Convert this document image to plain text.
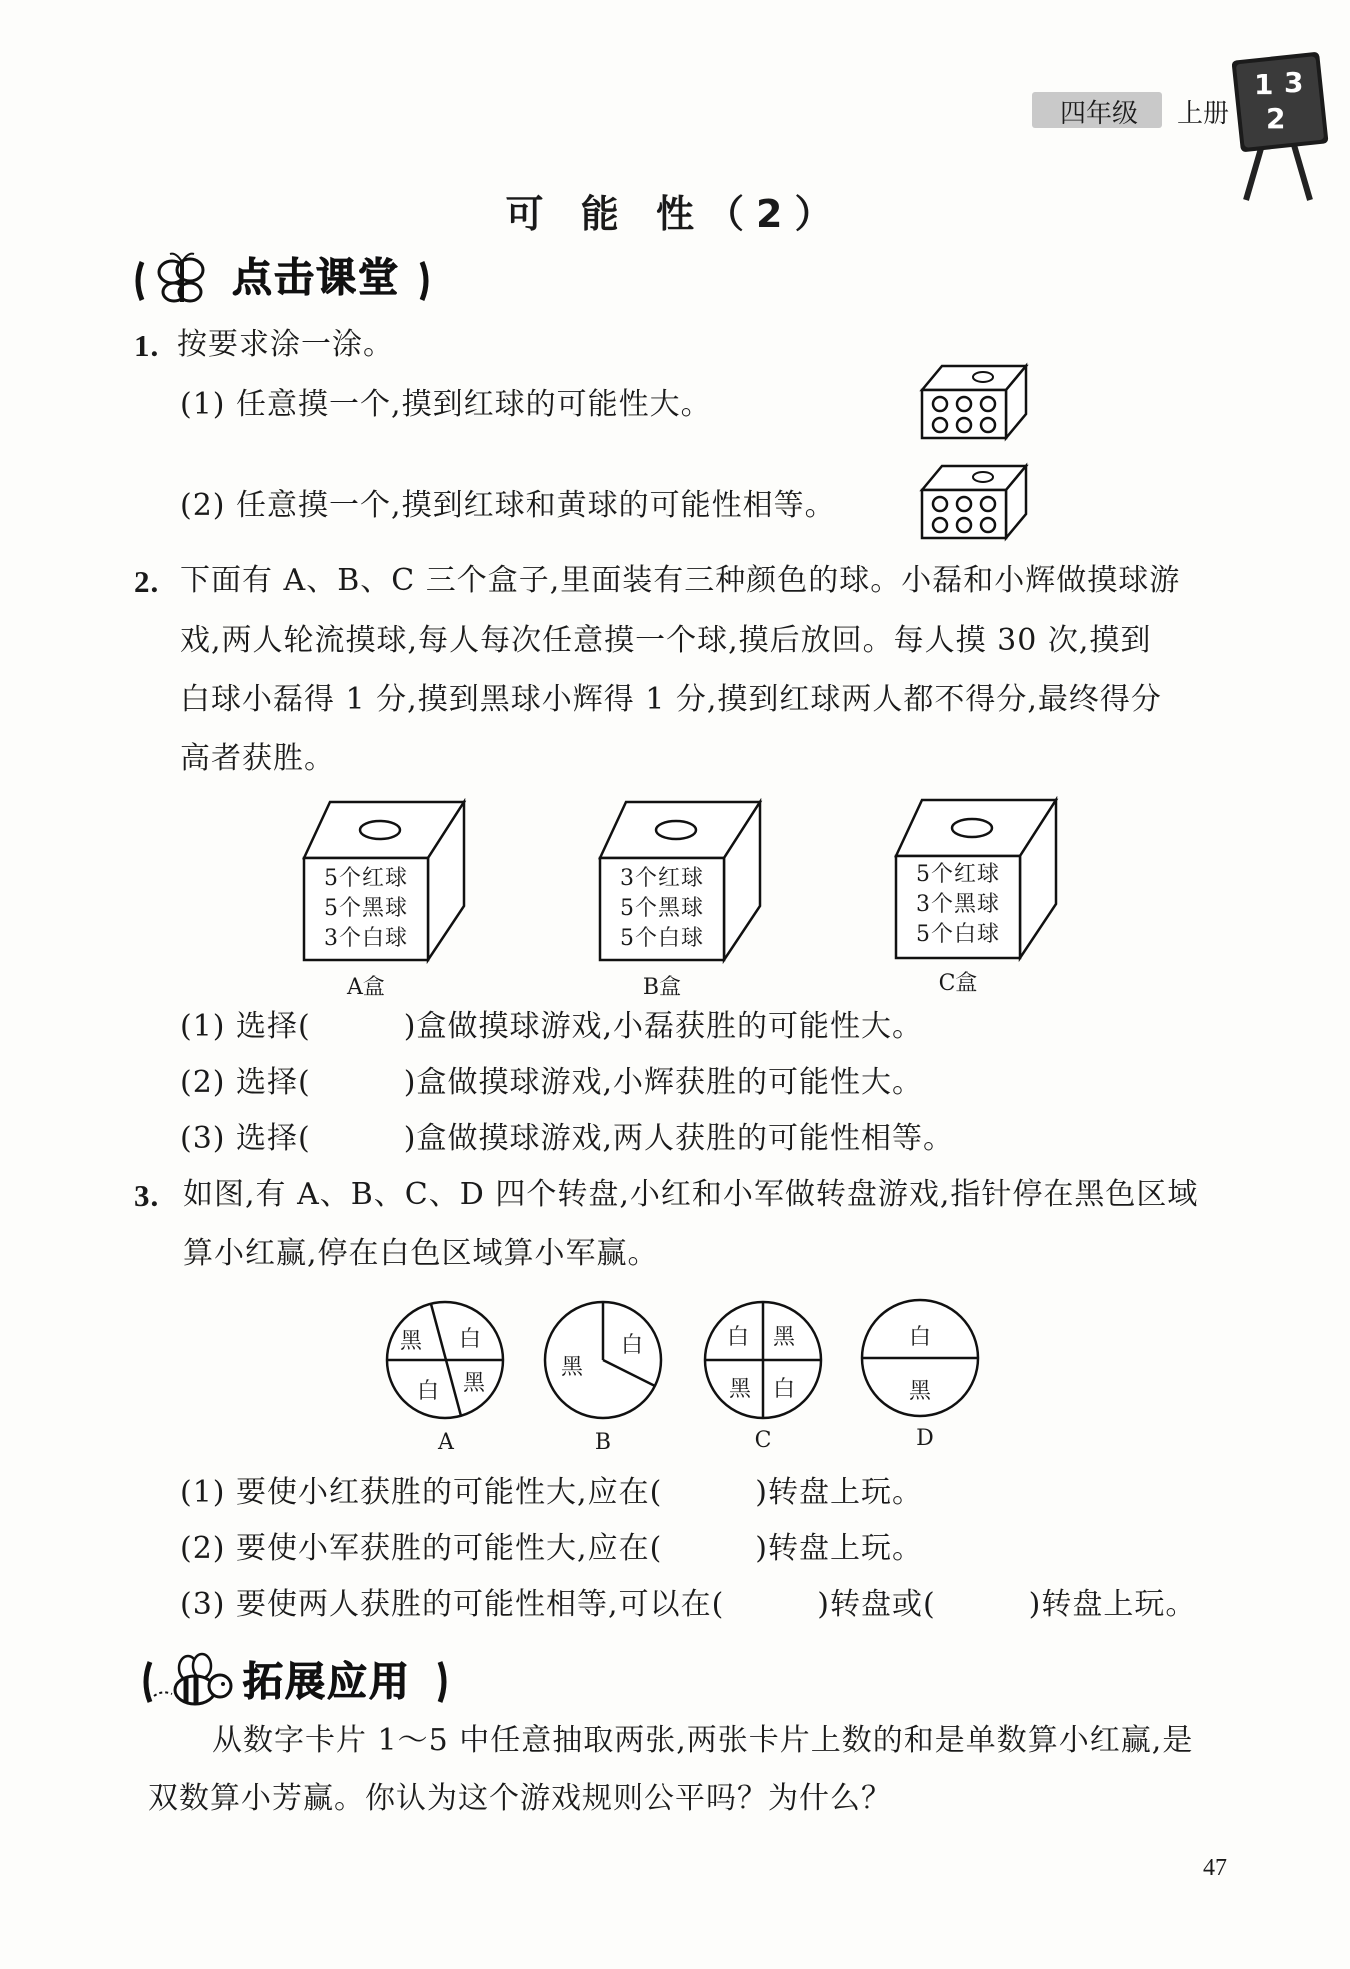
四年级 上册
1 3
2
可 能 性（2）
点击课堂
1. 按要求涂一涂。
(1) 任意摸一个,摸到红球的可能性大。
(2) 任意摸一个,摸到红球和黄球的可能性相等。
2. 下面有 A、B、C 三个盒子,里面装有三种颜色的球。小磊和小辉做摸球游
戏,两人轮流摸球,每人每次任意摸一个球,摸后放回。每人摸 30 次,摸到
白球小磊得 1 分,摸到黑球小辉得 1 分,摸到红球两人都不得分,最终得分
高者获胜。
5个红球
5个黑球
3个白球
A盒
3个红球
5个黑球
5个白球
B盒
5个红球
3个黑球
5个白球
C盒
(1) 选择(　　　)盒做摸球游戏,小磊获胜的可能性大。
(2) 选择(　　　)盒做摸球游戏,小辉获胜的可能性大。
(3) 选择(　　　)盒做摸球游戏,两人获胜的可能性相等。
3. 如图,有 A、B、C、D 四个转盘,小红和小军做转盘游戏,指针停在黑色区域
算小红赢,停在白色区域算小军赢。
黑 白
白 黑
A
黑
白
B
白 黑
黑 白
C
白
黑
D
(1) 要使小红获胜的可能性大,应在(　　　)转盘上玩。
(2) 要使小军获胜的可能性大,应在(　　　)转盘上玩。
(3) 要使两人获胜的可能性相等,可以在(　　　)转盘或(　　　)转盘上玩。
拓展应用
从数字卡片 1～5 中任意抽取两张,两张卡片上数的和是单数算小红赢,是
双数算小芳赢。你认为这个游戏规则公平吗？为什么？
47
